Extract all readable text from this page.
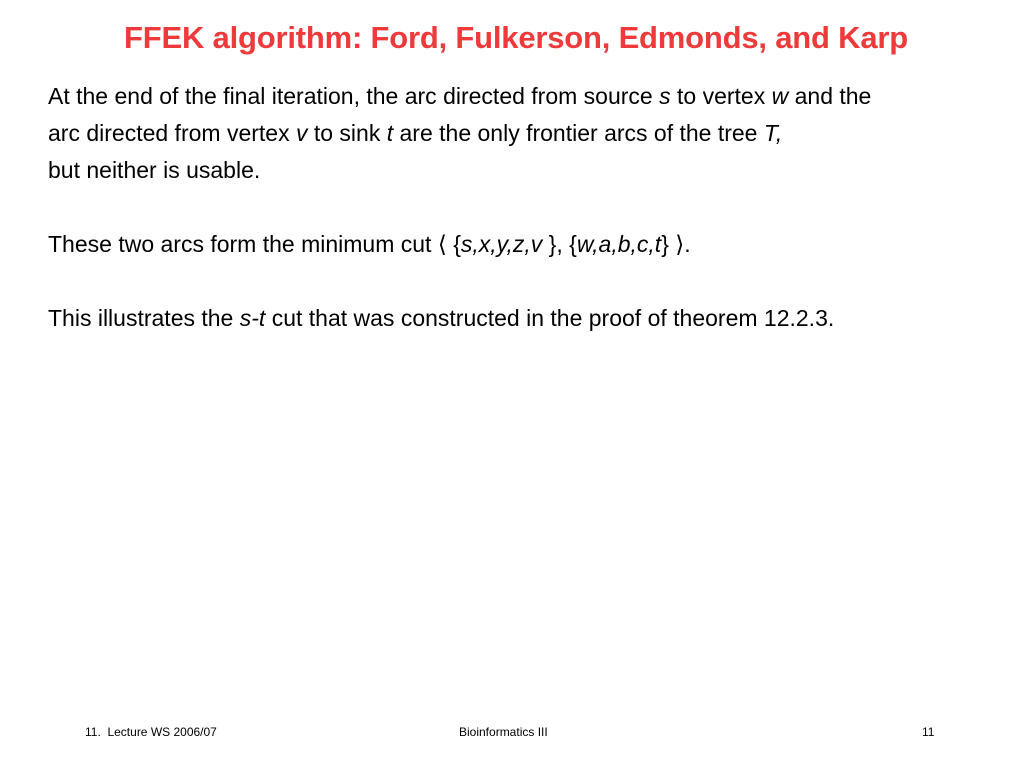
FFEK algorithm: Ford, Fulkerson, Edmonds, and Karp

At the end of the final iteration, the arc directed from source s to vertex w and the

arc directed from vertex v to sink t are the only frontier arcs of the tree T,

but neither is usable.

These two arcs form the minimum cut ⟨ {s,x,y,z,v }, {w,a,b,c,t} ⟩.

This illustrates the s-t cut that was constructed in the proof of theorem 12.2.3.

11.  Lecture WS 2006/07	Bioinformatics III	11
